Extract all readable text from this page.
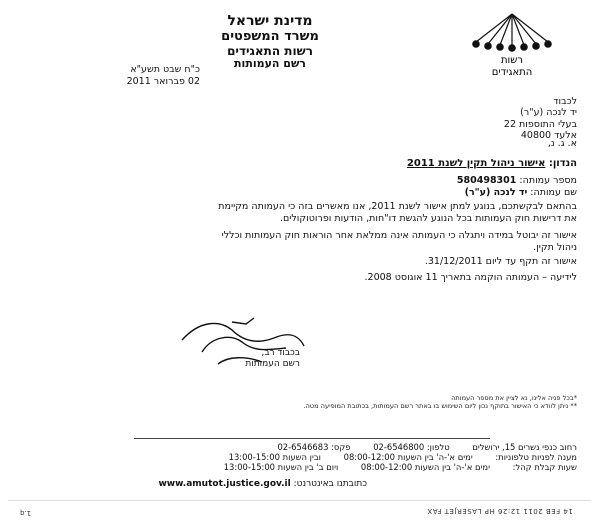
רשות
התאגידים
מדינת ישראל
משרד המשפטים
רשות התאגידים
רשם העמותות
כ"ח שבט תשע"א
02 פברואר 2011
לכבוד
יד לנכה (ע"ר)
בעלי התוספות 22
אלעד 40800
א. ג. נ,
הנדון: אישור ניהול תקין לשנת 2011
מספר עמותה: 580498301
שם עמותה: יד לנכה (ע"ר)
בהתאם לבקשתכם, בנוגע למתן אישור לשנת 2011, אנו מאשרים בזה כי העמותה מקיימת
את דרישות חוק העמותות בכל הנוגע להגשת דו"חות, הודעות ופרוטוקולים.
אישור זה יבוטל במידה ויתגלה כי העמותה אינה ממלאת אחר הוראות חוק העמותות וכללי
ניהול תקין.
אישור זה תקף עד ליום 31/12/2011.
לידיעה – העמותה הוקמה בתאריך 11 אוגוסט 2008.
בכבוד רב,
רשם העמותות
*בכל פניה אלינו, נא לציין את מספר העמותה
** ניתן לוודא כי האישור בתוקף נכון ליום השימוש בו באתר רשם העמותות, בכתובת המופיעה מטה.
רחוב כנפי נשרים 15, ירושלים טלפון: 02-6546800 פקס: 02-6546683
מענה לפניות טלפוניות: ימים א'-ה' בין השעות 08:00-12:00 ובין השעות 13:00-15:00
שעות קבלת קהל: ימים א'-ה' בין השעות 08:00-12:00 ויום ב' בין השעות 13:00-15:00
כתובתנו באינטרנט: www.amutot.justice.gov.il
1.q	14 FEB 2011 12:26 HP LASERJET FAX
